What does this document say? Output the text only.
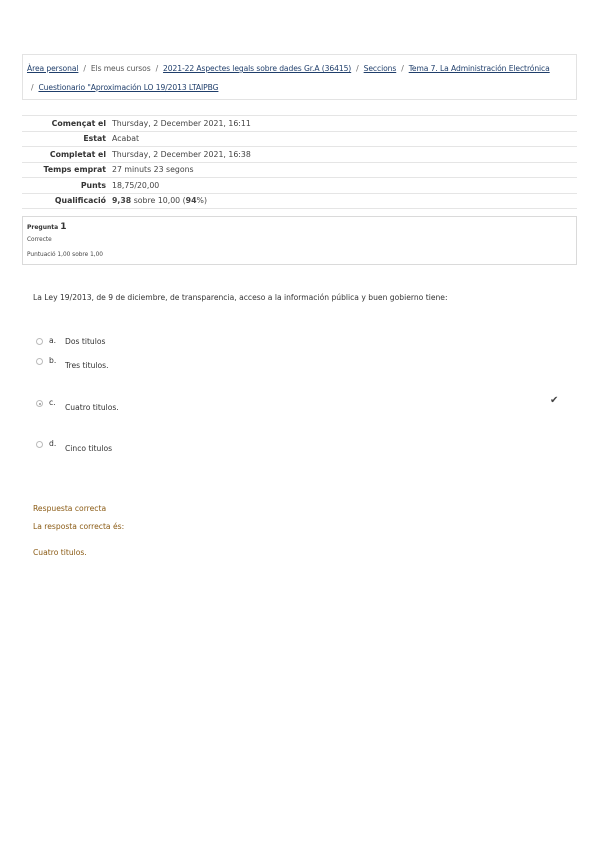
Àrea personal / Els meus cursos / 2021-22 Aspectes legals sobre dades Gr.A (36415) / Seccions / Tema 7. La Administración Electrónica
/ Cuestionario "Aproximación LO 19/2013 LTAIPBG
Començat el	Thursday, 2 December 2021, 16:11
Estat	Acabat
Completat el	Thursday, 2 December 2021, 16:38
Temps emprat	27 minuts 23 segons
Punts	18,75/20,00
Qualificació	9,38 sobre 10,00 (94%)
Pregunta 1
Correcte
Puntuació 1,00 sobre 1,00
La Ley 19/2013, de 9 de diciembre, de transparencia, acceso a la información pública y buen gobierno tiene:
a. Dos titulos
b.
Tres titulos.
c.
Cuatro titulos.
✔
d.
Cinco titulos
Respuesta correcta
La resposta correcta és:
Cuatro titulos.
